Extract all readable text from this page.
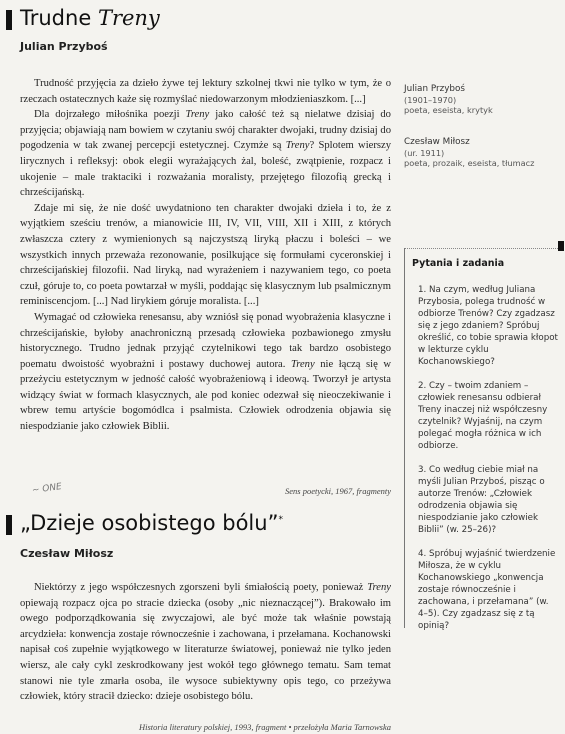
Trudne Treny
Julian Przyboś

Trudność przyjęcia za dzieło żywe tej lektury szkolnej tkwi nie tylko w tym, że o rzeczach ostatecznych każe się rozmyślać niedowarzonym młodzieniaszkom. [...]

Dla dojrzałego miłośnika poezji Treny jako całość też są nielatwe dzisiaj do przyjęcia; objawiają nam bowiem w czytaniu swój charakter dwojaki, trudny dzisiaj do pogodzenia w tak zwanej percepcji estetycznej. Czymże są Treny? Splotem wierszy lirycznych i refleksyj: obok elegii wyrażających żal, boleść, zwątpienie, rozpacz i ukojenie – male traktaciki i rozważania moralisty, przejętego filozofią grecką i chrześcijańską.

Zdaje mi się, że nie dość uwydatniono ten charakter dwojaki dzieła i to, że z wyjątkiem sześciu trenów, a mianowicie III, IV, VII, VIII, XII i XIII, z których zwłaszcza cztery z wymienionych są najczystszą liryką płaczu i boleści – we wszystkich innych przeważa rezonowanie, posilkujące się formułami cyceronskiej i chrześcijańskiej filozofii. Nad liryką, nad wyrażeniem i nazywaniem tego, co poeta czuł, góruje to, co poeta powtarzał w myśli, poddając się klasycznym lub psalmicznym reminiscencjom. [...] Nad lirykiem góruje moralista. [...]

Wymagać od człowieka renesansu, aby wzniósł się ponad wyobrażenia klasyczne i chrześcijańskie, byłoby anachroniczną przesadą człowieka pozbawionego zmysłu historycznego. Trudno jednak przyjąć czytelnikowi tego tak bardzo osobistego poematu dwoistość wyobrażni i postawy duchowej autora. Treny nie łączą się w przeżyciu estetycznym w jedność całość wyobrażeniową i ideową. Tworzył je artysta widzący świat w formach klasycznych, ale pod koniec odezwał się nieoczekiwanie i wbrew temu artyście bogomódlca i psalmista. Człowiek odrodzenia objawia się niespodzianie jako człowiek Biblii.

Sens poetycki, 1967, fragmenty
~ ONE
„Dzieje osobistego bólu”*
Czesław Miłosz

Niektórzy z jego współczesnych zgorszeni byli śmiałością poety, ponieważ Treny opiewają rozpacz ojca po stracie dziecka (osoby „nic nieznaczącej”). Brakowało im owego podporządkowania się zwyczajowi, ale być może tak właśnie powstają arcydzieła: konwencja zostaje równocześnie i zachowana, i przełamana. Kochanowski napisał coś zupełnie wyjątkowego w literaturze światowej, ponieważ nie tylko jeden wiersz, ale cały cykl zeskrodkowany jest wokół tego głównego tematu. Sam temat stanowi nie tyle zmarła osoba, ile wysoce subiektywny opis tego, co przeżywa człowiek, który stracił dziecko: dzieje osobistego bólu.

Historia literatury polskiej, 1993, fragment • przełożyła Maria Tarnowska
Julian Przyboś
(1901–1970)
poeta, eseista, krytyk
Czesław Miłosz
(ur. 1911)
poeta, prozaik, eseista, tłumacz
Pytania i zadania

1. Na czym, według Juliana Przybosia, polega trudność w odbiorze Trenów? Czy zgadzasz się z jego zdaniem? Spróbuj określić, co tobie sprawia kłopot w lekturze cyklu Kochanowskiego?

2. Czy – twoim zdaniem – człowiek renesansu odbierał Treny inaczej niż współczesny czytelnik? Wyjaśnij, na czym polegać mogła różnica w ich odbiorze.

3. Co według ciebie miał na myśli Julian Przyboś, pisząc o autorze Trenów: „Człowiek odrodzenia objawia się niespodzianie jako człowiek Biblii” (w. 25–26)?

4. Spróbuj wyjaśnić twierdzenie Miłosza, że w cyklu Kochanowskiego „konwencja zostaje równocześnie i zachowana, i przełamana” (w. 4–5). Czy zgadzasz się z tą opinią?
